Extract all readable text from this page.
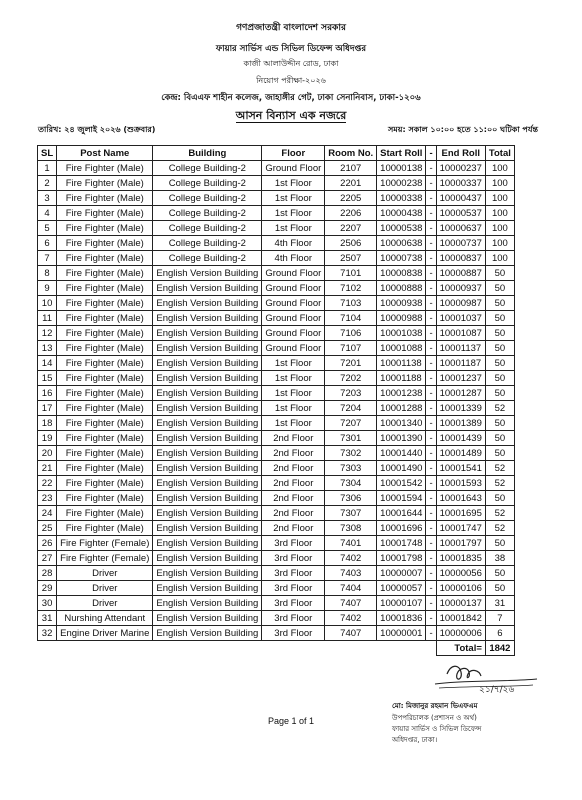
গণপ্রজাতন্ত্রী বাংলাদেশ সরকার
ফায়ার সার্ভিস এন্ড সিভিল ডিফেন্স অধিদপ্তর
কাজী আলাউদ্দীন রোড, ঢাকা
নিয়োগ পরীক্ষা-২০২৬
কেন্দ্র: বিএএফ শাহীন কলেজ, জাহাঙ্গীর গেট, ঢাকা সেনানিবাস, ঢাকা-১২০৬
আসন বিন্যাস এক নজরে
তারিখ: ২৪ জুলাই ২০২৬ (শুক্রবার)	সময়: সকাল ১০:০০ হতে ১১:০০ ঘটিকা পর্যন্ত
SL	Post Name	Building	Floor	Room No.	Start Roll	-	End Roll	Total
1	Fire Fighter (Male)	College Building-2	Ground Floor	2107	10000138	-	10000237	100
2	Fire Fighter (Male)	College Building-2	1st Floor	2201	10000238	-	10000337	100
3	Fire Fighter (Male)	College Building-2	1st Floor	2205	10000338	-	10000437	100
4	Fire Fighter (Male)	College Building-2	1st Floor	2206	10000438	-	10000537	100
5	Fire Fighter (Male)	College Building-2	1st Floor	2207	10000538	-	10000637	100
6	Fire Fighter (Male)	College Building-2	4th Floor	2506	10000638	-	10000737	100
7	Fire Fighter (Male)	College Building-2	4th Floor	2507	10000738	-	10000837	100
8	Fire Fighter (Male)	English Version Building	Ground Floor	7101	10000838	-	10000887	50
9	Fire Fighter (Male)	English Version Building	Ground Floor	7102	10000888	-	10000937	50
10	Fire Fighter (Male)	English Version Building	Ground Floor	7103	10000938	-	10000987	50
11	Fire Fighter (Male)	English Version Building	Ground Floor	7104	10000988	-	10001037	50
12	Fire Fighter (Male)	English Version Building	Ground Floor	7106	10001038	-	10001087	50
13	Fire Fighter (Male)	English Version Building	Ground Floor	7107	10001088	-	10001137	50
14	Fire Fighter (Male)	English Version Building	1st Floor	7201	10001138	-	10001187	50
15	Fire Fighter (Male)	English Version Building	1st Floor	7202	10001188	-	10001237	50
16	Fire Fighter (Male)	English Version Building	1st Floor	7203	10001238	-	10001287	50
17	Fire Fighter (Male)	English Version Building	1st Floor	7204	10001288	-	10001339	52
18	Fire Fighter (Male)	English Version Building	1st Floor	7207	10001340	-	10001389	50
19	Fire Fighter (Male)	English Version Building	2nd Floor	7301	10001390	-	10001439	50
20	Fire Fighter (Male)	English Version Building	2nd Floor	7302	10001440	-	10001489	50
21	Fire Fighter (Male)	English Version Building	2nd Floor	7303	10001490	-	10001541	52
22	Fire Fighter (Male)	English Version Building	2nd Floor	7304	10001542	-	10001593	52
23	Fire Fighter (Male)	English Version Building	2nd Floor	7306	10001594	-	10001643	50
24	Fire Fighter (Male)	English Version Building	2nd Floor	7307	10001644	-	10001695	52
25	Fire Fighter (Male)	English Version Building	2nd Floor	7308	10001696	-	10001747	52
26	Fire Fighter (Female)	English Version Building	3rd Floor	7401	10001748	-	10001797	50
27	Fire Fighter (Female)	English Version Building	3rd Floor	7402	10001798	-	10001835	38
28	Driver	English Version Building	3rd Floor	7403	10000007	-	10000056	50
29	Driver	English Version Building	3rd Floor	7404	10000057	-	10000106	50
30	Driver	English Version Building	3rd Floor	7407	10000107	-	10000137	31
31	Nurshing Attendant	English Version Building	3rd Floor	7402	10001836	-	10001842	7
32	Engine Driver Marine	English Version Building	3rd Floor	7407	10000001	-	10000006	6
							Total=	1842
২১/৭/২৬
মো: মিজানুর রহমান ভিএফএম
উপপরিচালক (প্রশাসন ও অর্থ)
ফায়ার সার্ভিস ও সিভিল ডিফেন্স
অধিদপ্তর, ঢাকা।
Page 1 of 1
